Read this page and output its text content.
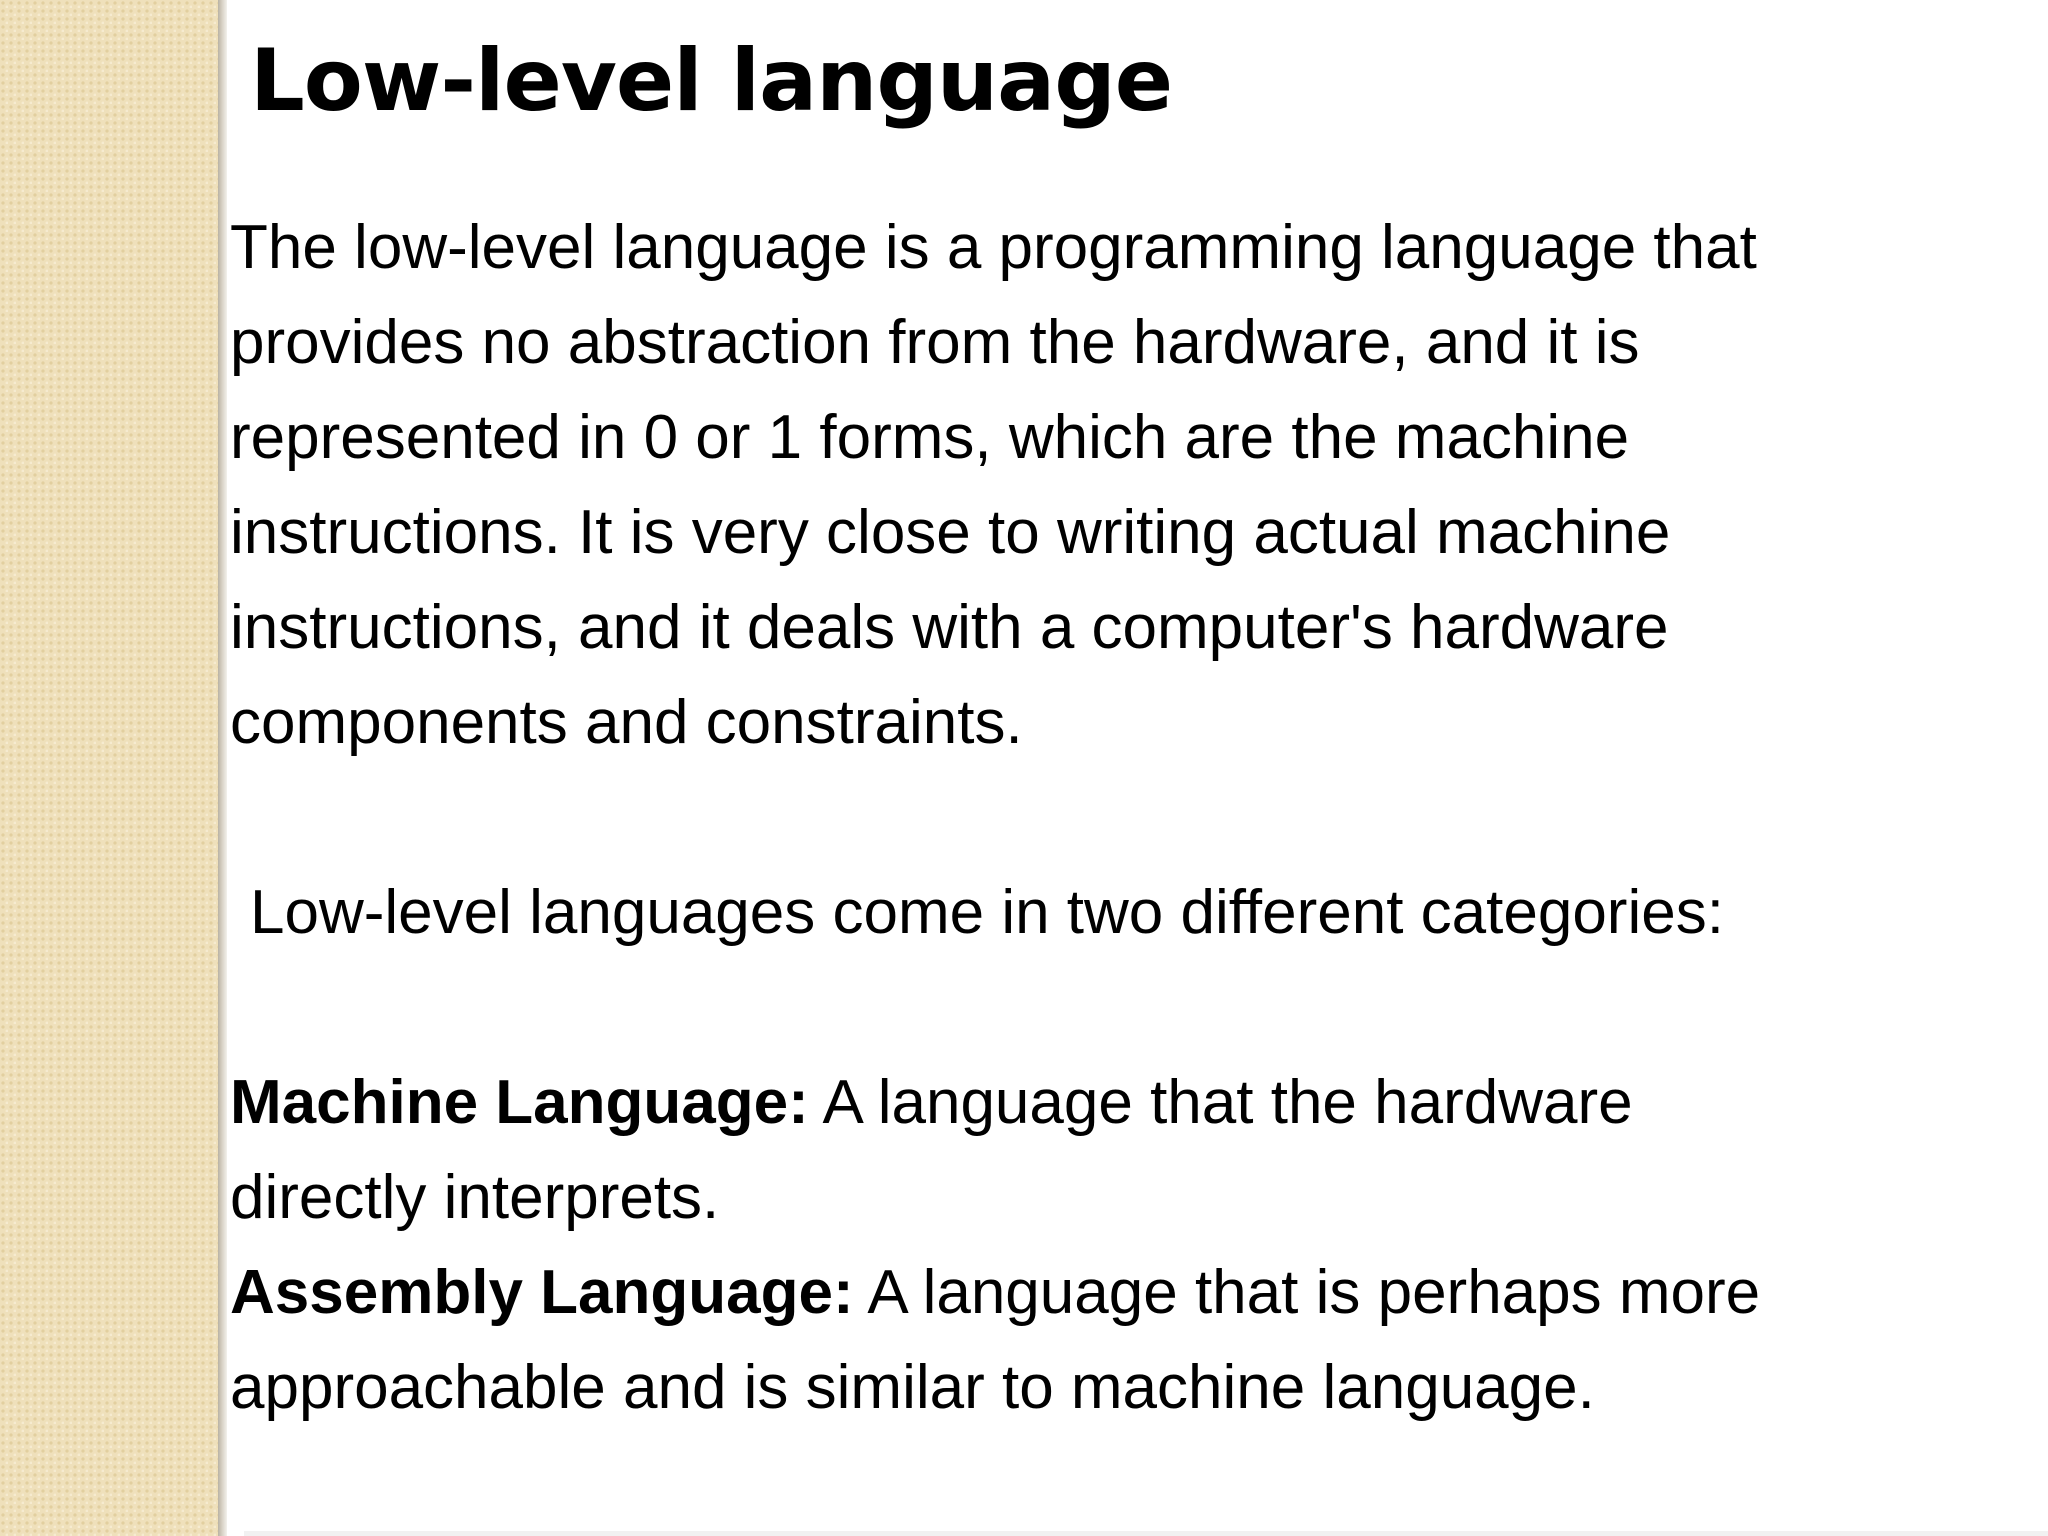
Low-level language
The low-level language is a programming language that
provides no abstraction from the hardware, and it is
represented in 0 or 1 forms, which are the machine
instructions. It is very close to writing actual machine
instructions, and it deals with a computer's hardware
components and constraints.
Low-level languages come in two different categories:
Machine Language: A language that the hardware
directly interprets.
Assembly Language: A language that is perhaps more
approachable and is similar to machine language.
